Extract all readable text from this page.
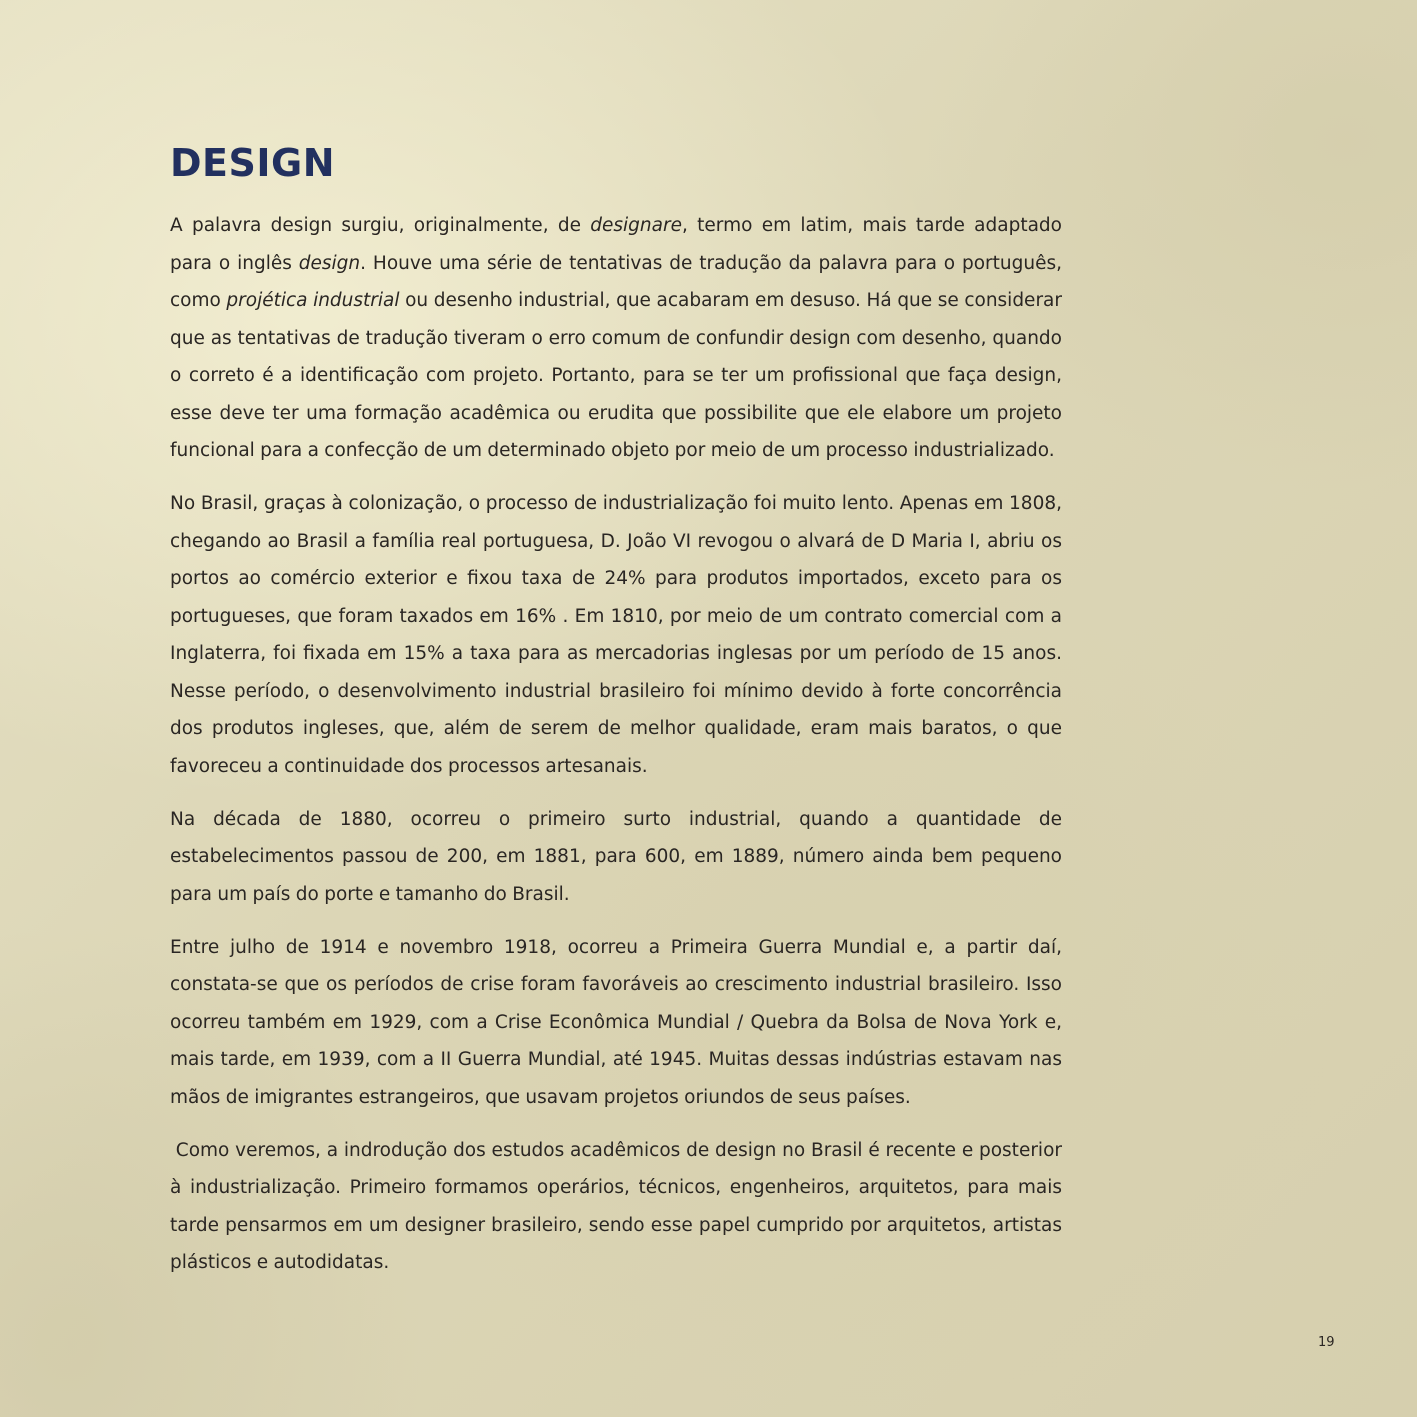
DESIGN

A palavra design surgiu, originalmente, de designare, termo em latim, mais tarde adaptado para o inglês design. Houve uma série de tentativas de tradução da palavra para o português, como projética industrial ou desenho industrial, que acabaram em desuso. Há que se considerar que as tentativas de tradução tiveram o erro comum de confundir design com desenho, quando o correto é a identificação com projeto. Portanto, para se ter um profissional que faça design, esse deve ter uma formação acadêmica ou erudita que possibilite que ele elabore um projeto funcional para a confecção de um determinado objeto por meio de um processo industrializado.

No Brasil, graças à colonização, o processo de industrialização foi muito lento. Apenas em 1808, chegando ao Brasil a família real portuguesa, D. João VI revogou o alvará de D Maria I, abriu os portos ao comércio exterior e fixou taxa de 24% para produtos importados, exceto para os portugueses, que foram taxados em 16% . Em 1810, por meio de um contrato comercial com a Inglaterra, foi fixada em 15% a taxa para as mercadorias inglesas por um período de 15 anos. Nesse período, o desenvolvimento industrial brasileiro foi mínimo devido à forte concorrência dos produtos ingleses, que, além de serem de melhor qualidade, eram mais baratos, o que favoreceu a continuidade dos processos artesanais.

Na década de 1880, ocorreu o primeiro surto industrial, quando a quantidade de estabelecimentos passou de 200, em 1881, para 600, em 1889, número ainda bem pequeno para um país do porte e tamanho do Brasil.

Entre julho de 1914 e novembro 1918, ocorreu a Primeira Guerra Mundial e, a partir daí, constata-se que os períodos de crise foram favoráveis ao crescimento industrial brasileiro. Isso ocorreu também em 1929, com a Crise Econômica Mundial / Quebra da Bolsa de Nova York e, mais tarde, em 1939, com a II Guerra Mundial, até 1945. Muitas dessas indústrias estavam nas mãos de imigrantes estrangeiros, que usavam projetos oriundos de seus países.

Como veremos, a indrodução dos estudos acadêmicos de design no Brasil é recente e posterior à industrialização. Primeiro formamos operários, técnicos, engenheiros, arquitetos, para mais tarde pensarmos em um designer brasileiro, sendo esse papel cumprido por arquitetos, artistas plásticos e autodidatas.

19
